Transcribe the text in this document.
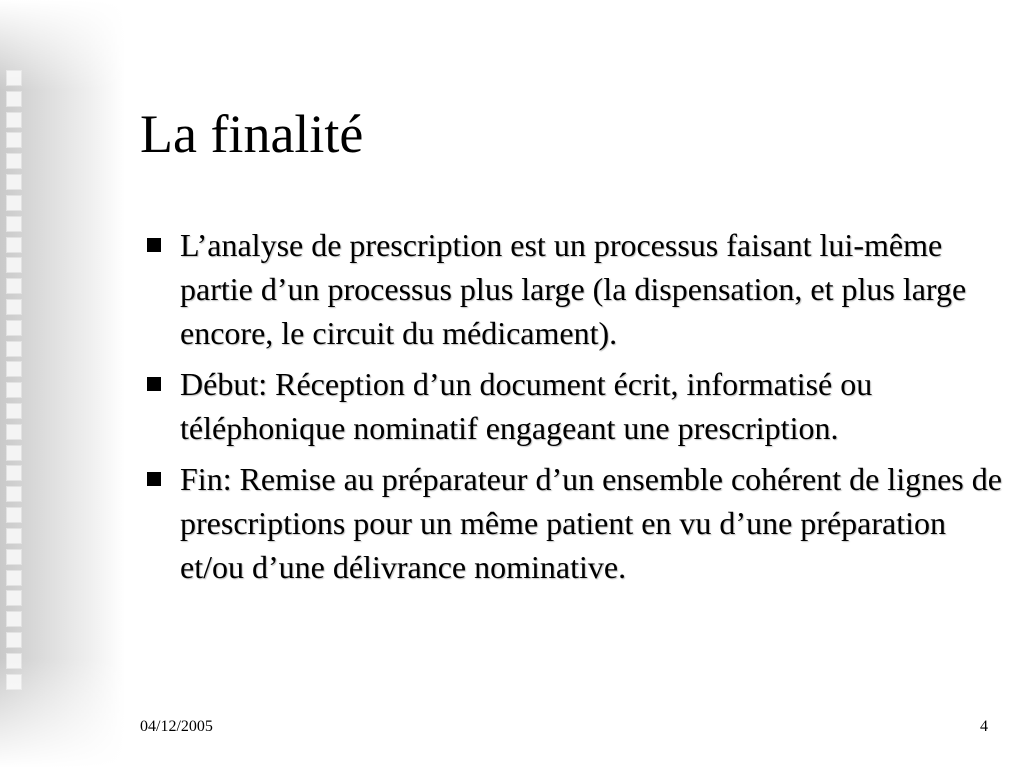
La finalité
L’analyse de prescription est un processus faisant lui-même partie d’un processus plus large (la dispensation, et plus large encore, le circuit du médicament).
Début: Réception d’un document écrit, informatisé ou téléphonique nominatif engageant une prescription.
Fin: Remise au préparateur d’un ensemble cohérent de lignes de prescriptions pour un même patient en vu d’une préparation et/ou d’une délivrance nominative.
04/12/2005	4
